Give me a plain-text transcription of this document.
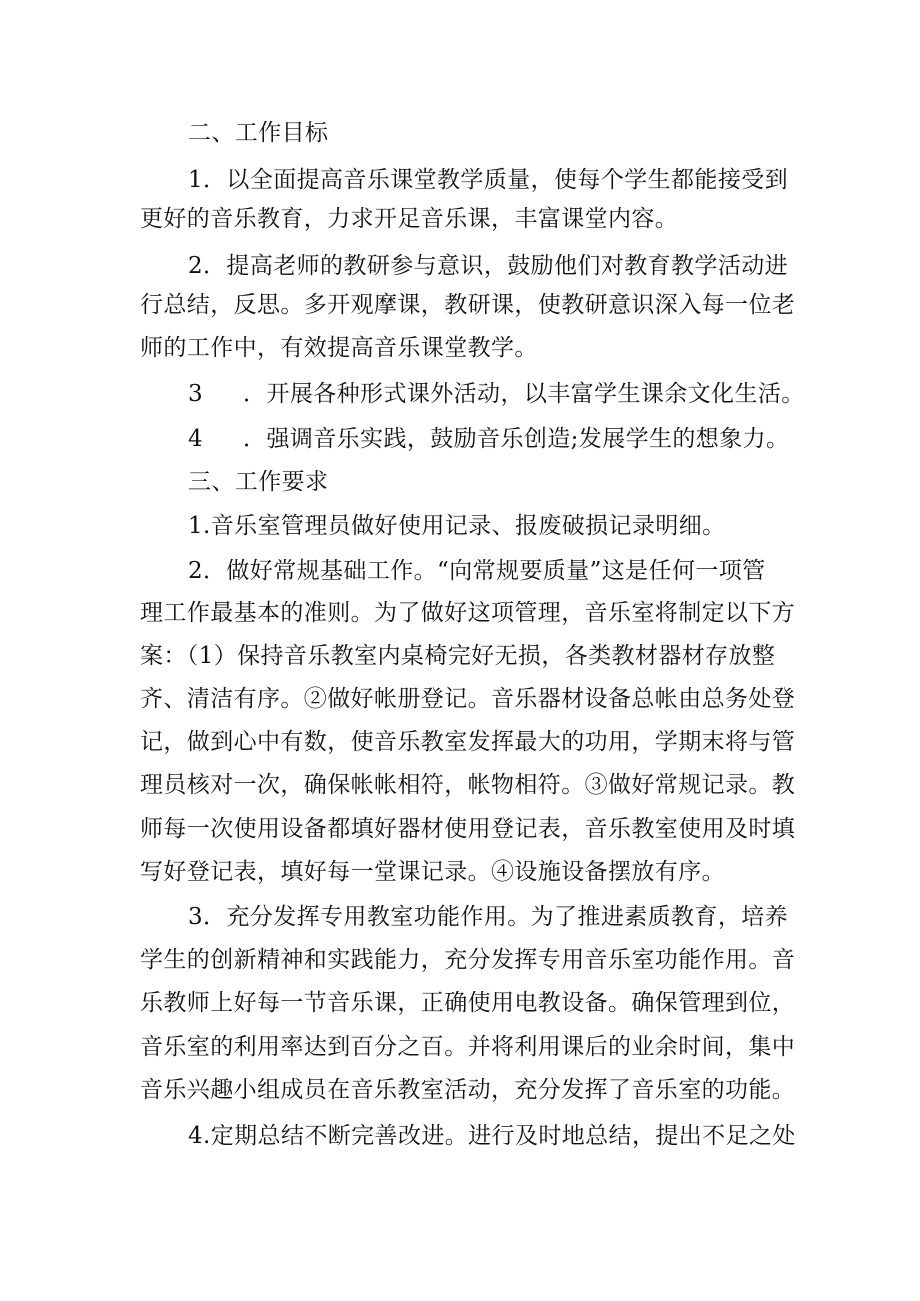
二、工作目标
1．以全面提高音乐课堂教学质量，使每个学生都能接受到
更好的音乐教育，力求开足音乐课，丰富课堂内容。
2．提高老师的教研参与意识，鼓励他们对教育教学活动进
行总结，反思。多开观摩课，教研课，使教研意识深入每一位老
师的工作中，有效提高音乐课堂教学。
3 ．开展各种形式课外活动，以丰富学生课余文化生活。
4 ．强调音乐实践，鼓励音乐创造;发展学生的想象力。
三、工作要求
1.音乐室管理员做好使用记录、报废破损记录明细。
2．做好常规基础工作。“向常规要质量”这是任何一项管
理工作最基本的准则。为了做好这项管理，音乐室将制定以下方
案：（1）保持音乐教室内桌椅完好无损，各类教材器材存放整
齐、清洁有序。②做好帐册登记。音乐器材设备总帐由总务处登
记，做到心中有数，使音乐教室发挥最大的功用，学期末将与管
理员核对一次，确保帐帐相符，帐物相符。③做好常规记录。教
师每一次使用设备都填好器材使用登记表，音乐教室使用及时填
写好登记表，填好每一堂课记录。④设施设备摆放有序。
3．充分发挥专用教室功能作用。为了推进素质教育，培养
学生的创新精神和实践能力，充分发挥专用音乐室功能作用。音
乐教师上好每一节音乐课，正确使用电教设备。确保管理到位，
音乐室的利用率达到百分之百。并将利用课后的业余时间，集中
音乐兴趣小组成员在音乐教室活动，充分发挥了音乐室的功能。
4.定期总结不断完善改进。进行及时地总结，提出不足之处
